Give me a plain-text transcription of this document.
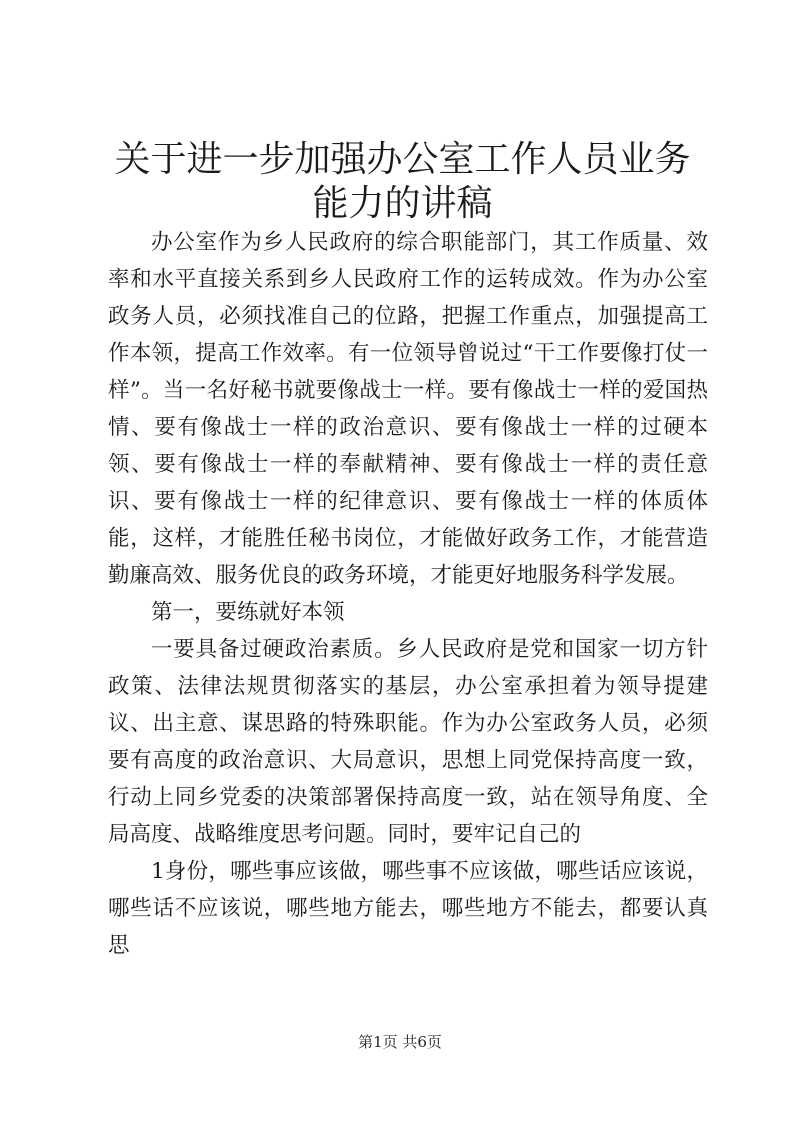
关于进一步加强办公室工作人员业务能力的讲稿

办公室作为乡人民政府的综合职能部门，其工作质量、效率和水平直接关系到乡人民政府工作的运转成效。作为办公室政务人员，必须找准自己的位路，把握工作重点，加强提高工作本领，提高工作效率。有一位领导曾说过“干工作要像打仗一样”。当一名好秘书就要像战士一样。要有像战士一样的爱国热情、要有像战士一样的政治意识、要有像战士一样的过硬本领、要有像战士一样的奉献精神、要有像战士一样的责任意识、要有像战士一样的纪律意识、要有像战士一样的体质体能，这样，才能胜任秘书岗位，才能做好政务工作，才能营造勤廉高效、服务优良的政务环境，才能更好地服务科学发展。

第一，要练就好本领

一要具备过硬政治素质。乡人民政府是党和国家一切方针政策、法律法规贯彻落实的基层，办公室承担着为领导提建议、出主意、谋思路的特殊职能。作为办公室政务人员，必须要有高度的政治意识、大局意识，思想上同党保持高度一致，行动上同乡党委的决策部署保持高度一致，站在领导角度、全局高度、战略维度思考问题。同时，要牢记自己的

1身份，哪些事应该做，哪些事不应该做，哪些话应该说，哪些话不应该说，哪些地方能去，哪些地方不能去，都要认真思

第1页 共6页
